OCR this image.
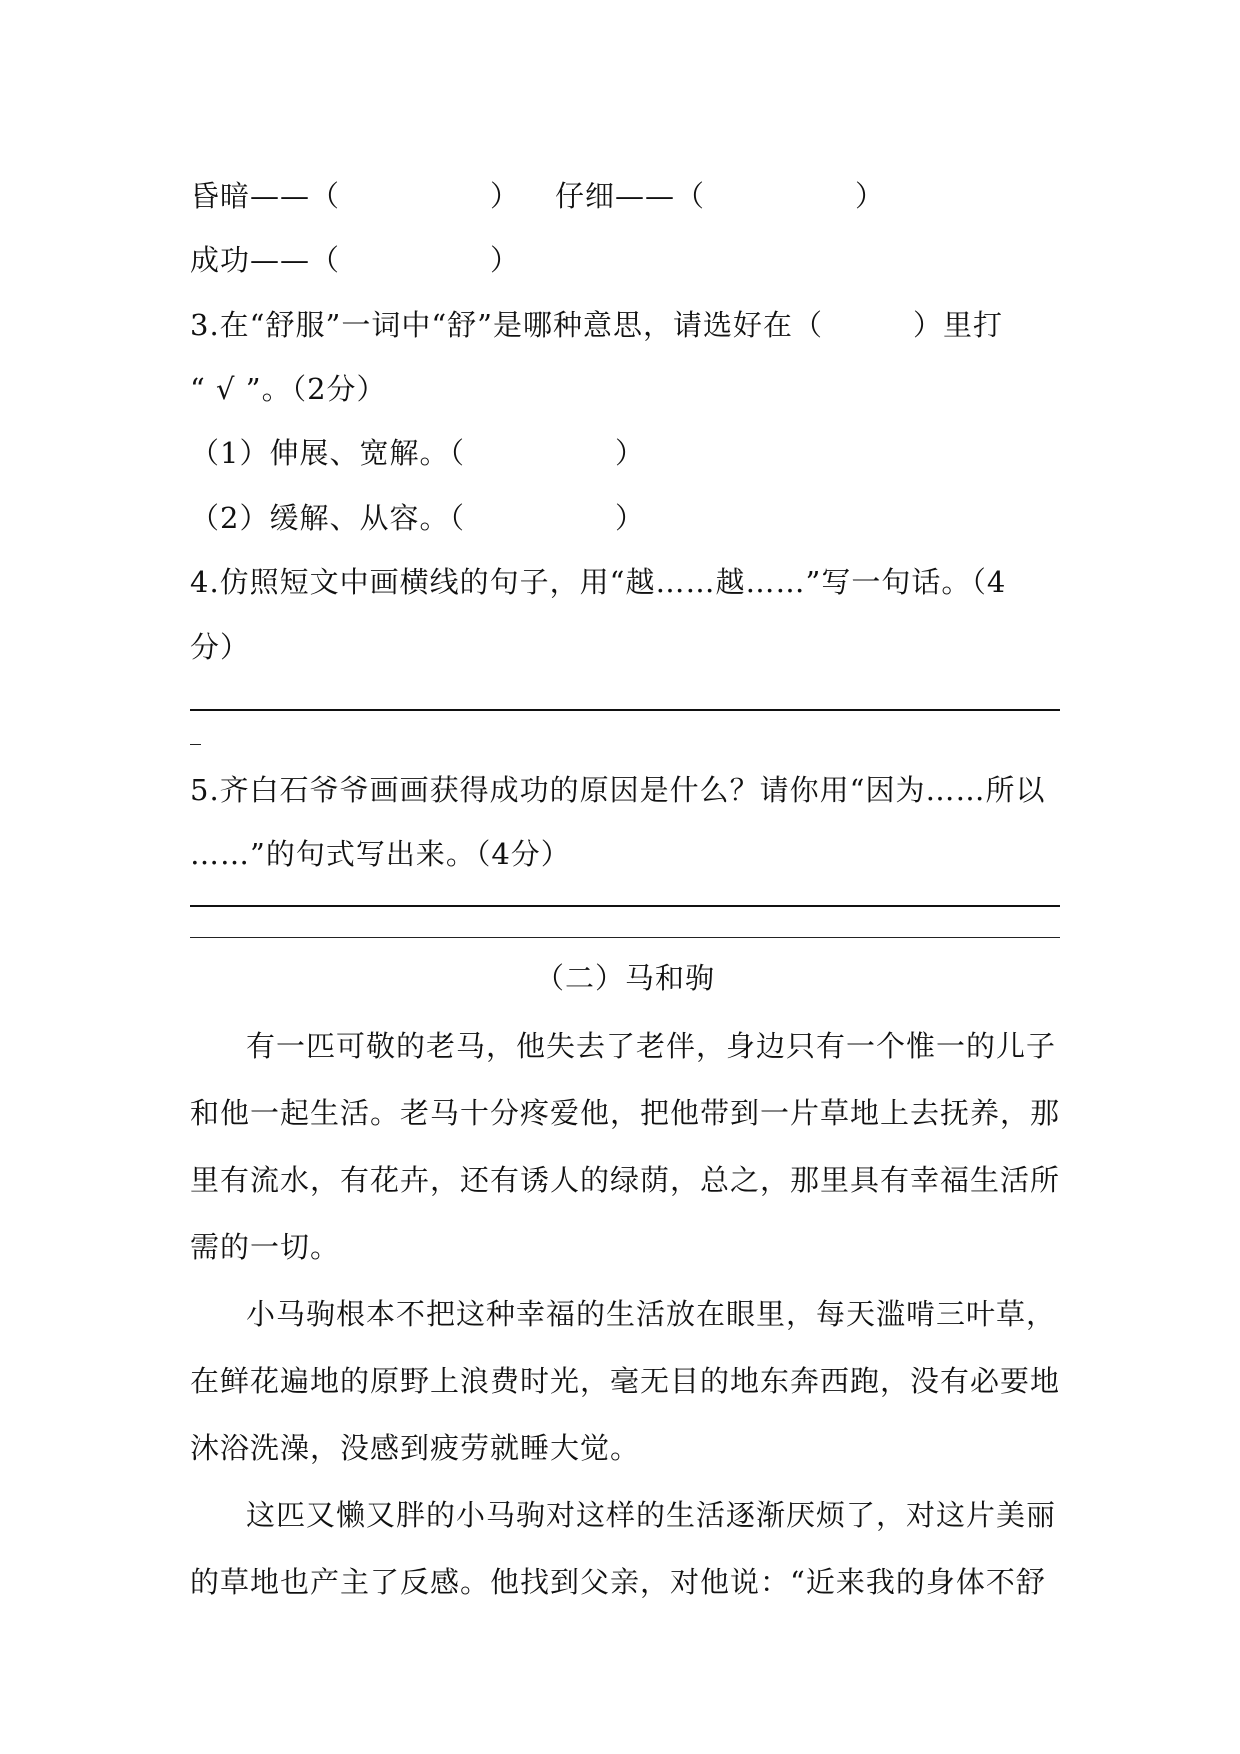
昏暗——（　　　　　）	仔细——（　　　　　）
成功——（　　　　　）
3.在“舒服”一词中“舒”是哪种意思，请选好在（　　　）里打
“ √ ”。（2分）
（1）伸展、宽解。（　　　　　）
（2）缓解、从容。（　　　　　）
4.仿照短文中画横线的句子，用“越……越……”写一句话。（4
分）
5.齐白石爷爷画画获得成功的原因是什么？请你用“因为……所以
……”的句式写出来。（4分）
（二）马和驹
有一匹可敬的老马，他失去了老伴，身边只有一个惟一的儿子
和他一起生活。老马十分疼爱他，把他带到一片草地上去抚养，那
里有流水，有花卉，还有诱人的绿荫，总之，那里具有幸福生活所
需的一切。
小马驹根本不把这种幸福的生活放在眼里，每天滥啃三叶草，
在鲜花遍地的原野上浪费时光，毫无目的地东奔西跑，没有必要地
沐浴洗澡，没感到疲劳就睡大觉。
这匹又懒又胖的小马驹对这样的生活逐渐厌烦了，对这片美丽
的草地也产主了反感。他找到父亲，对他说：“近来我的身体不舒
